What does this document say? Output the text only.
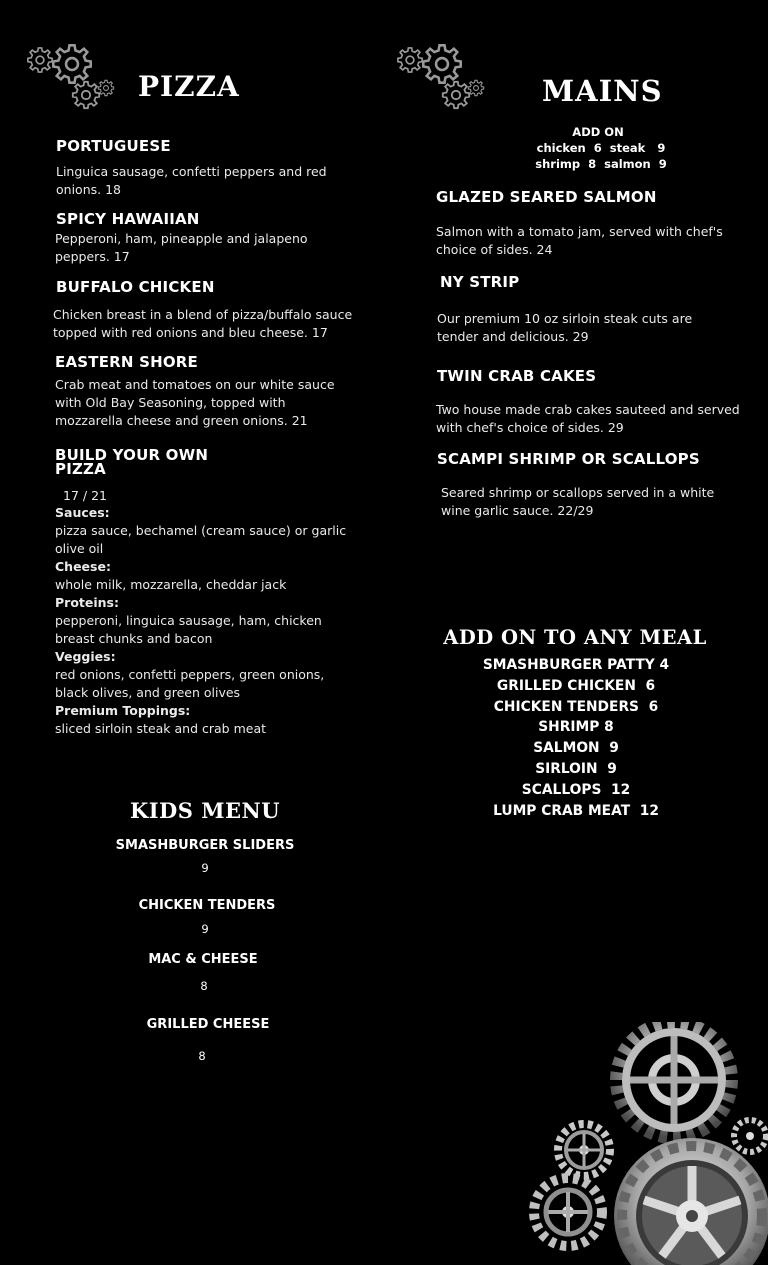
PIZZA	MAINS
PORTUGUESE
Linguica sausage, confetti peppers and red onions. 18
SPICY HAWAIIAN
Pepperoni, ham, pineapple and jalapeno peppers. 17
BUFFALO CHICKEN
Chicken breast in a blend of pizza/buffalo sauce topped with red onions and bleu cheese. 17
EASTERN SHORE
Crab meat and tomatoes on our white sauce with Old Bay Seasoning, topped with mozzarella cheese and green onions. 21
BUILD YOUR OWN
PIZZA
17 / 21
Sauces:
pizza sauce, bechamel (cream sauce) or garlic olive oil
Cheese:
whole milk, mozzarella, cheddar jack
Proteins:
pepperoni, linguica sausage, ham, chicken breast chunks and bacon
Veggies:
red onions, confetti peppers, green onions, black olives, and green olives
Premium Toppings:
sliced sirloin steak and crab meat
ADD ON
chicken  6  steak   9
shrimp  8  salmon  9
GLAZED SEARED SALMON
Salmon with a tomato jam, served with chef's choice of sides. 24
NY STRIP
Our premium 10 oz sirloin steak cuts are tender and delicious. 29
TWIN CRAB CAKES
Two house made crab cakes sauteed and served with chef's choice of sides. 29
SCAMPI SHRIMP OR SCALLOPS
Seared shrimp or scallops served in a white wine garlic sauce. 22/29
ADD ON TO ANY MEAL
SMASHBURGER PATTY 4
GRILLED CHICKEN  6
CHICKEN TENDERS  6
SHRIMP 8
SALMON  9
SIRLOIN  9
SCALLOPS  12
LUMP CRAB MEAT  12
KIDS MENU
SMASHBURGER SLIDERS
9
CHICKEN TENDERS
9
MAC & CHEESE
8
GRILLED CHEESE
8
